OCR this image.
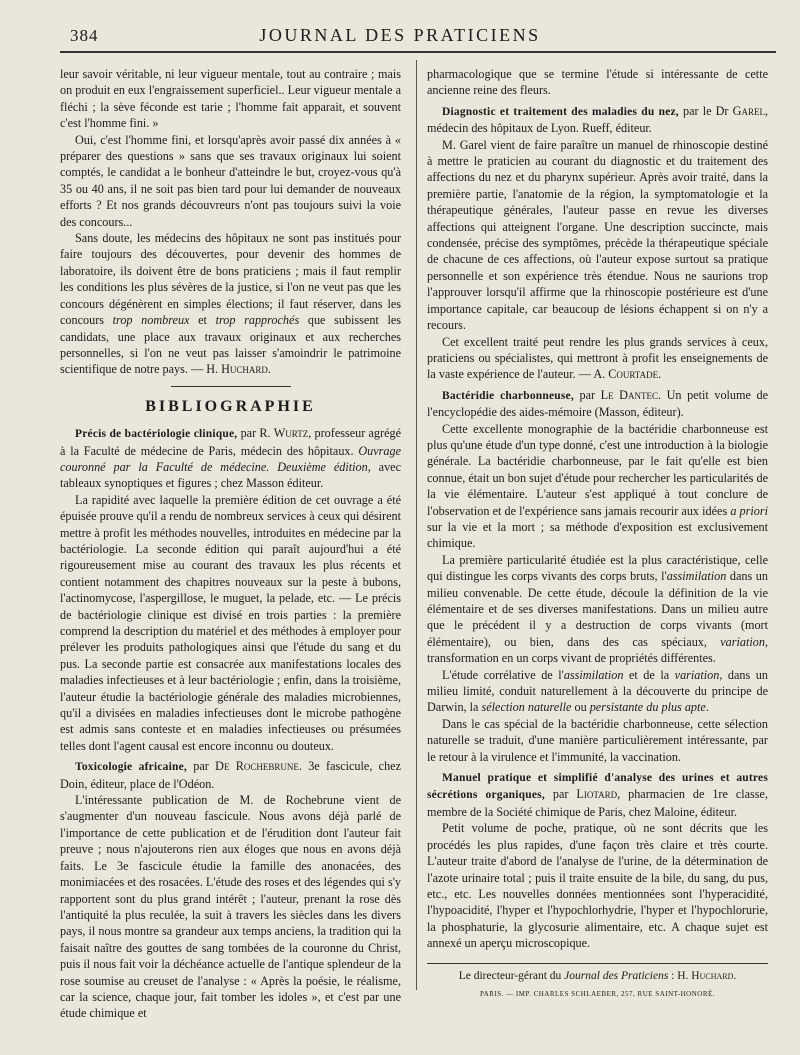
384	JOURNAL DES PRATICIENS

leur savoir véritable, ni leur vigueur mentale, tout au contraire ; mais on produit en eux l'engraissement superficiel.. Leur vigueur mentale a fléchi ; la sève féconde est tarie ; l'homme fait apparait, et souvent c'est l'homme fini. »

Oui, c'est l'homme fini, et lorsqu'après avoir passé dix années à « préparer des questions » sans que ses travaux originaux lui soient comptés, le candidat a le bonheur d'atteindre le but, croyez-vous qu'à 35 ou 40 ans, il ne soit pas bien tard pour lui demander de nouveaux efforts ? Et nos grands découvreurs n'ont pas toujours suivi la voie des concours...

Sans doute, les médecins des hôpitaux ne sont pas institués pour faire toujours des découvertes, pour devenir des hommes de laboratoire, ils doivent être de bons praticiens ; mais il faut remplir les conditions les plus sévères de la justice, si l'on ne veut pas que les concours dégénèrent en simples élections; il faut réserver, dans les concours trop nombreux et trop rapprochés que subissent les candidats, une place aux travaux originaux et aux recherches personnelles, si l'on ne veut pas laisser s'amoindrir le patrimoine scientifique de notre pays. — H. Huchard.

BIBLIOGRAPHIE

Précis de bactériologie clinique, par R. Wurtz, professeur agrégé à la Faculté de médecine de Paris, médecin des hôpitaux. Ouvrage couronné par la Faculté de médecine. Deuxième édition, avec tableaux synoptiques et figures ; chez Masson éditeur.

La rapidité avec laquelle la première édition de cet ouvrage a été épuisée prouve qu'il a rendu de nombreux services à ceux qui désirent mettre à profit les méthodes nouvelles, introduites en médecine par la bactériologie. La seconde édition qui paraît aujourd'hui a été rigoureusement mise au courant des travaux les plus récents et contient notamment des chapitres nouveaux sur la peste à bubons, l'actinomycose, l'aspergillose, le muguet, la pelade, etc. — Le précis de bactériologie clinique est divisé en trois parties : la première comprend la description du matériel et des méthodes à employer pour prélever les produits pathologiques ainsi que l'étude du sang et du pus. La seconde partie est consacrée aux manifestations locales des maladies infectieuses et à leur bactériologie ; enfin, dans la troisième, l'auteur étudie la bactériologie générale des maladies microbiennes, qu'il a divisées en maladies infectieuses dont le microbe pathogène est admis sans conteste et en maladies infectieuses ou présumées telles dont l'agent causal est encore inconnu ou douteux.

Toxicologie africaine, par De Rochebrune. 3e fascicule, chez Doin, éditeur, place de l'Odéon.

L'intéressante publication de M. de Rochebrune vient de s'augmenter d'un nouveau fascicule. Nous avons déjà parlé de l'importance de cette publication et de l'érudition dont l'auteur fait preuve ; nous n'ajouterons rien aux éloges que nous en avons déjà faits. Le 3e fascicule étudie la famille des anonacées, des monimiacées et des rosacées. L'étude des roses et des légendes qui s'y rapportent sont du plus grand intérêt ; l'auteur, prenant la rose dès l'antiquité la plus reculée, la suit à travers les siècles dans les divers pays, il nous montre sa grandeur aux temps anciens, la tradition qui la faisait naître des gouttes de sang tombées de la couronne du Christ, puis il nous fait voir la déchéance actuelle de l'antique splendeur de la rose soumise au creuset de l'analyse : « Après la poésie, le réalisme, car la science, chaque jour, fait tomber les idoles », et c'est par une étude chimique et

pharmacologique que se termine l'étude si intéressante de cette ancienne reine des fleurs.

Diagnostic et traitement des maladies du nez, par le Dr Garel, médecin des hôpitaux de Lyon. Rueff, éditeur.

M. Garel vient de faire paraître un manuel de rhinoscopie destiné à mettre le praticien au courant du diagnostic et du traitement des affections du nez et du pharynx supérieur. Après avoir traité, dans la première partie, l'anatomie de la région, la symptomatologie et la thérapeutique générales, l'auteur passe en revue les diverses affections qui atteignent l'organe. Une description succincte, mais condensée, précise des symptômes, précède la thérapeutique spéciale de chacune de ces affections, où l'auteur expose surtout sa pratique personnelle et son expérience très étendue. Nous ne saurions trop l'approuver lorsqu'il affirme que la rhinoscopie postérieure est d'une importance capitale, car beaucoup de lésions échappent si on n'y a recours.

Cet excellent traité peut rendre les plus grands services à ceux, praticiens ou spécialistes, qui mettront à profit les enseignements de la vaste expérience de l'auteur. — A. Courtade.

Bactéridie charbonneuse, par Le Dantec. Un petit volume de l'encyclopédie des aides-mémoire (Masson, éditeur).

Cette excellente monographie de la bactéridie charbonneuse est plus qu'une étude d'un type donné, c'est une introduction à la biologie générale. La bactéridie charbonneuse, par le fait qu'elle est bien connue, était un bon sujet d'étude pour rechercher les particularités de la vie élémentaire. L'auteur s'est appliqué à tout conclure de l'observation et de l'expérience sans jamais recourir aux idées a priori sur la vie et la mort ; sa méthode d'exposition est exclusivement chimique.

La première particularité étudiée est la plus caractéristique, celle qui distingue les corps vivants des corps bruts, l'assimilation dans un milieu convenable. De cette étude, découle la définition de la vie élémentaire et de ses diverses manifestations. Dans un milieu autre que le précédent il y a destruction de corps vivants (mort élémentaire), ou bien, dans des cas spéciaux, variation, transformation en un corps vivant de propriétés différentes.

L'étude corrélative de l'assimilation et de la variation, dans un milieu limité, conduit naturellement à la découverte du principe de Darwin, la sélection naturelle ou persistante du plus apte.

Dans le cas spécial de la bactéridie charbonneuse, cette sélection naturelle se traduit, d'une manière particulièrement intéressante, par le retour à la virulence et l'immunité, la vaccination.

Manuel pratique et simplifié d'analyse des urines et autres sécrétions organiques, par Liotard, pharmacien de 1re classe, membre de la Société chimique de Paris, chez Maloine, éditeur.

Petit volume de poche, pratique, où ne sont décrits que les procédés les plus rapides, d'une façon très claire et très courte. L'auteur traite d'abord de l'analyse de l'urine, de la détermination de l'azote urinaire total ; puis il traite ensuite de la bile, du sang, du pus, etc., etc. Les nouvelles données mentionnées sont l'hyperacidité, l'hypoacidité, l'hyper et l'hypochlorhydrie, l'hyper et l'hypochlorurie, la phosphaturie, la glycosurie alimentaire, etc. A chaque sujet est annexé un aperçu microscopique.

Le directeur-gérant du Journal des Praticiens : H. Huchard.
PARIS. — IMP. CHARLES SCHLAEBER, 257, RUE SAINT-HONORÉ.
